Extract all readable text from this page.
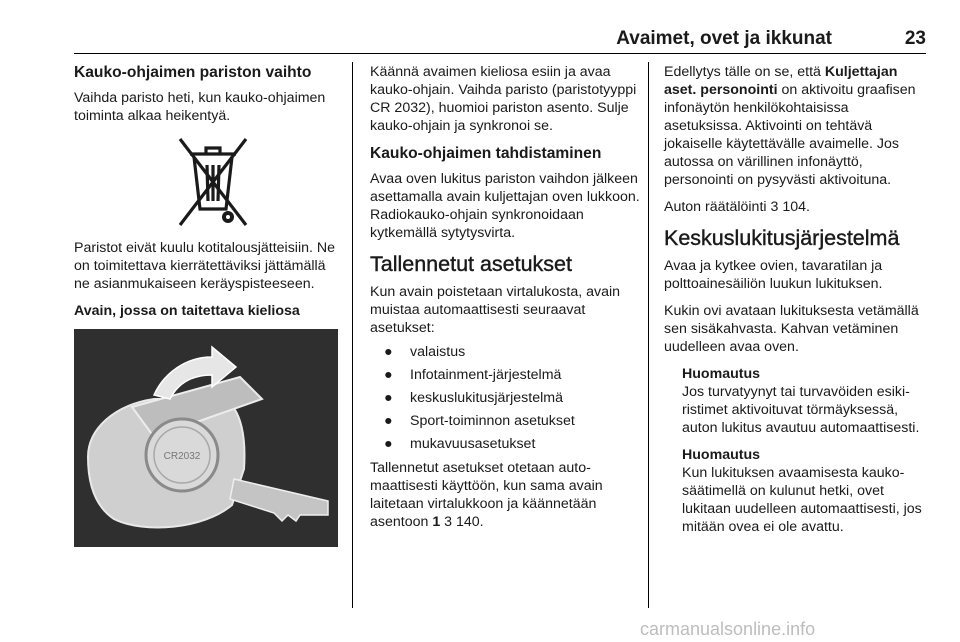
Avaimet, ovet ja ikkunat	23
Kauko-ohjaimen pariston vaihto

Vaihda paristo heti, kun kauko-ohjaimen toiminta alkaa heikentyä.

Paristot eivät kuulu kotitalousjätteisiin. Ne on toimitettava kierrätettäviksi jättämällä ne asianmukaiseen keräyspisteeseen.

Avain, jossa on taitettava kieliosa

CR2032

Käännä avaimen kieliosa esiin ja avaa kauko-ohjain. Vaihda paristo (paristotyyppi CR 2032), huomioi pariston asento. Sulje kauko-ohjain ja synkronoi se.

Kauko-ohjaimen tahdistaminen

Avaa oven lukitus pariston vaihdon jälkeen asettamalla avain kuljettajan oven lukkoon. Radiokauko-ohjain synkronoidaan kytkemällä sytytysvirta.

Tallennetut asetukset

Kun avain poistetaan virtalukosta, avain muistaa automaattisesti seuraavat asetukset:

● valaistus
● Infotainment-järjestelmä
● keskuslukitusjärjestelmä
● Sport-toiminnon asetukset
● mukavuusasetukset

Tallennetut asetukset otetaan automaattisesti käyttöön, kun sama avain laitetaan virtalukkoon ja käännetään asentoon 1 3 140.

Edellytys tälle on se, että Kuljettajan aset. personointi on aktivoitu graafisen infonäytön henkilökohtaisissa asetuksissa. Aktivointi on tehtävä jokaiselle käytettävälle avaimelle. Jos autossa on värillinen infonäyttö, personointi on pysyvästi aktivoituna.

Auton räätälöinti 3 104.

Keskuslukitusjärjestelmä

Avaa ja kytkee ovien, tavaratilan ja polttoainesäiliön luukun lukituksen.

Kukin ovi avataan lukituksesta vetämällä sen sisäkahvasta. Kahvan vetäminen uudelleen avaa oven.

Huomautus
Jos turvatyynyt tai turvavöiden esikiristimet aktivoituvat törmäyksessä, auton lukitus avautuu automaattisesti.
Huomautus
Kun lukituksen avaamisesta kauko-säätimellä on kulunut hetki, ovet lukitaan uudelleen automaattisesti, jos mitään ovea ei ole avattu.
carmanualsonline.info
